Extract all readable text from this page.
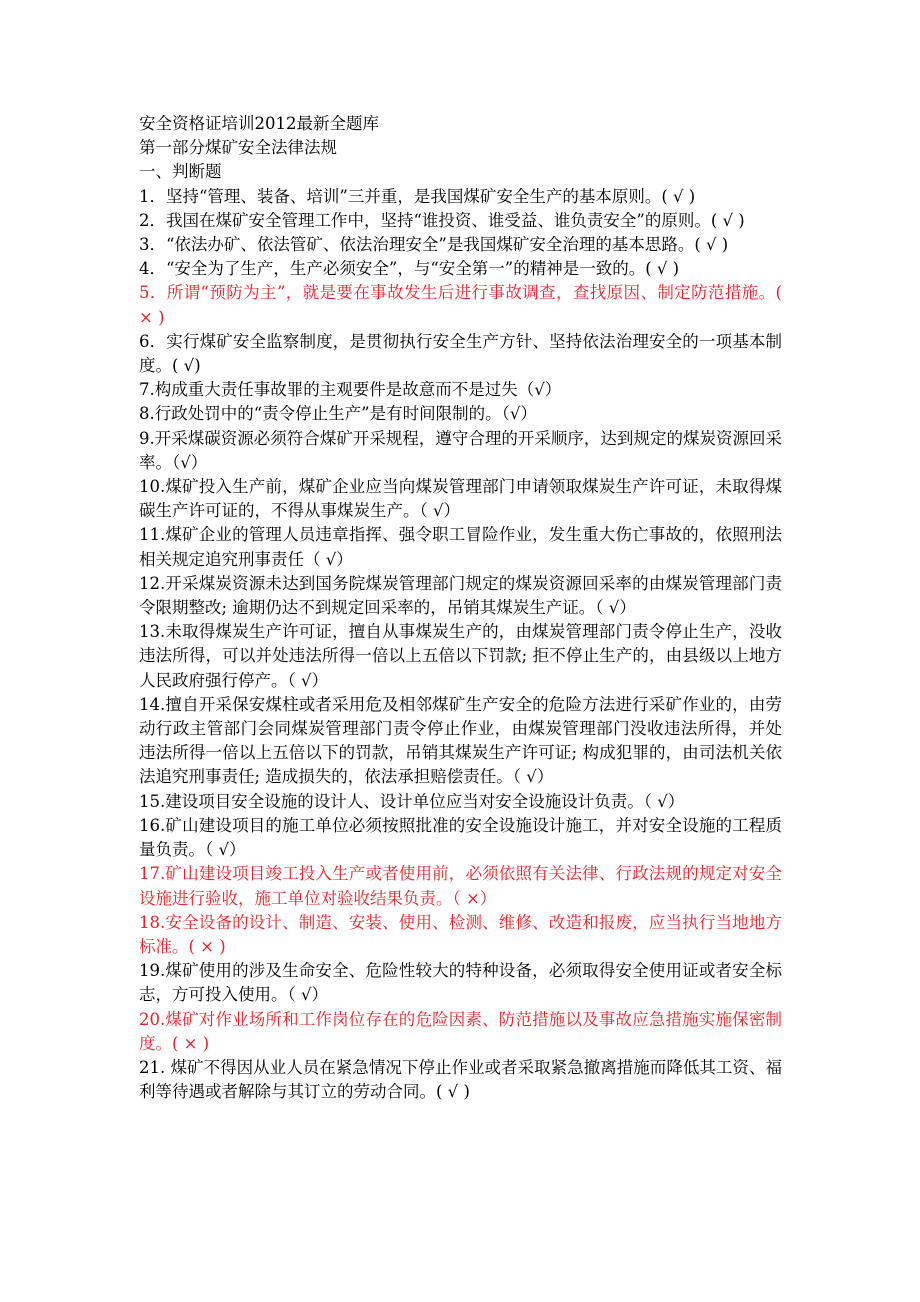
安全资格证培训2012最新全题库
第一部分煤矿安全法律法规
一、判断题
1．坚持“管理、装备、培训”三并重，是我国煤矿安全生产的基本原则。( √ )
2．我国在煤矿安全管理工作中，坚持“谁投资、谁受益、谁负责安全”的原则。( √ )
3．“依法办矿、依法管矿、依法治理安全”是我国煤矿安全治理的基本思路。( √ )
4．“安全为了生产，生产必须安全”，与“安全第一”的精神是一致的。( √ )
5．所谓“预防为主”，就是要在事故发生后进行事故调查，查找原因、制定防范措施。( × )
6．实行煤矿安全监察制度，是贯彻执行安全生产方针、坚持依法治理安全的一项基本制度。( √)
7.构成重大责任事故罪的主观要件是故意而不是过失（√）
8.行政处罚中的“责令停止生产”是有时间限制的。（√）
9.开采煤碳资源必须符合煤矿开采规程，遵守合理的开采顺序，达到规定的煤炭资源回采率。（√）
10.煤矿投入生产前，煤矿企业应当向煤炭管理部门申请领取煤炭生产许可证，未取得煤碳生产许可证的，不得从事煤炭生产。（ √）
11.煤矿企业的管理人员违章指挥、强令职工冒险作业，发生重大伤亡事故的，依照刑法相关规定追究刑事责任（ √）
12.开采煤炭资源未达到国务院煤炭管理部门规定的煤炭资源回采率的由煤炭管理部门责令限期整改; 逾期仍达不到规定回采率的，吊销其煤炭生产证。（ √）
13.未取得煤炭生产许可证，擅自从事煤炭生产的，由煤炭管理部门责令停止生产，没收违法所得，可以并处违法所得一倍以上五倍以下罚款; 拒不停止生产的，由县级以上地方人民政府强行停产。（ √）
14.擅自开采保安煤柱或者采用危及相邻煤矿生产安全的危险方法进行采矿作业的，由劳动行政主管部门会同煤炭管理部门责令停止作业，由煤炭管理部门没收违法所得，并处违法所得一倍以上五倍以下的罚款，吊销其煤炭生产许可证; 构成犯罪的，由司法机关依法追究刑事责任; 造成损失的，依法承担赔偿责任。（ √）
15.建设项目安全设施的设计人、设计单位应当对安全设施设计负责。（ √）
16.矿山建设项目的施工单位必须按照批准的安全设施设计施工，并对安全设施的工程质量负责。（ √）
17.矿山建设项目竣工投入生产或者使用前，必须依照有关法律、行政法规的规定对安全设施进行验收，施工单位对验收结果负责。（ ×）
18.安全设备的设计、制造、安装、使用、检测、维修、改造和报废，应当执行当地地方标准。( × )
19.煤矿使用的涉及生命安全、危险性较大的特种设备，必须取得安全使用证或者安全标志，方可投入使用。（ √）
20.煤矿对作业场所和工作岗位存在的危险因素、防范措施以及事故应急措施实施保密制度。( × )
21. 煤矿不得因从业人员在紧急情况下停止作业或者采取紧急撤离措施而降低其工资、福利等待遇或者解除与其订立的劳动合同。( √ )
